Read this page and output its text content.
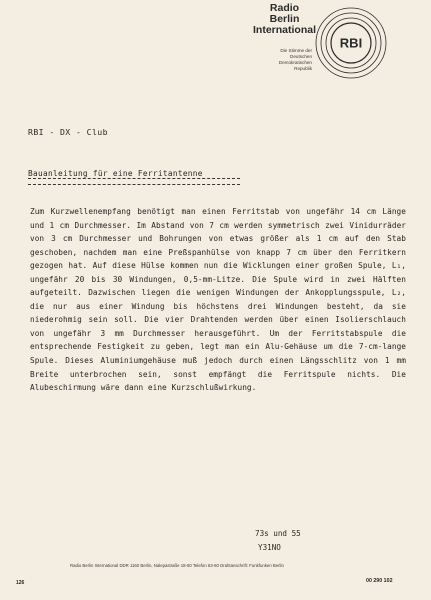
Radio
Berlin
International
Die Stimme der
Deutschen
Demokratischen
Republik
RBI
RBI - DX - Club
Bauanleitung für eine Ferritantenne

Zum Kurzwellenempfang benötigt man einen Ferritstab von ungefähr 14 cm Länge und 1 cm Durchmesser. Im Abstand von 7 cm werden symmetrisch zwei Vinidurräder von 3 cm Durchmesser und Bohrungen von etwas größer als 1 cm auf den Stab geschoben, nachdem man eine Preßspanhülse von knapp 7 cm über den Ferritkern gezogen hat. Auf diese Hülse kommen nun die Wicklungen einer großen Spule, L₁, ungefähr 20 bis 30 Windungen, 0,5-mm-Litze. Die Spule wird in zwei Hälften aufgeteilt. Dazwischen liegen die wenigen Windungen der Ankopplungsspule, L₂, die nur aus einer Windung bis höchstens drei Windungen besteht, da sie niederohmig sein soll. Die vier Drahtenden werden über einen Isolierschlauch von ungefähr 3 mm Durchmesser herausgeführt. Um der Ferritstabspule die entsprechende Festigkeit zu geben, legt man ein Alu-Gehäuse um die 7-cm-lange Spule. Dieses Aluminiumgehäuse muß jedoch durch einen Längsschlitz von 1 mm Breite unterbrochen sein, sonst empfängt die Ferritspule nichts. Die Alubeschirmung wäre dann eine Kurzschlußwirkung.

73s und 55
Y31NO
Radio Berlin International DDR 1160 Berlin, Nalepastraße 18-50 Telefon 63-60 Drahtanschrift: Funkfunken Berlin
126	00 290 102
